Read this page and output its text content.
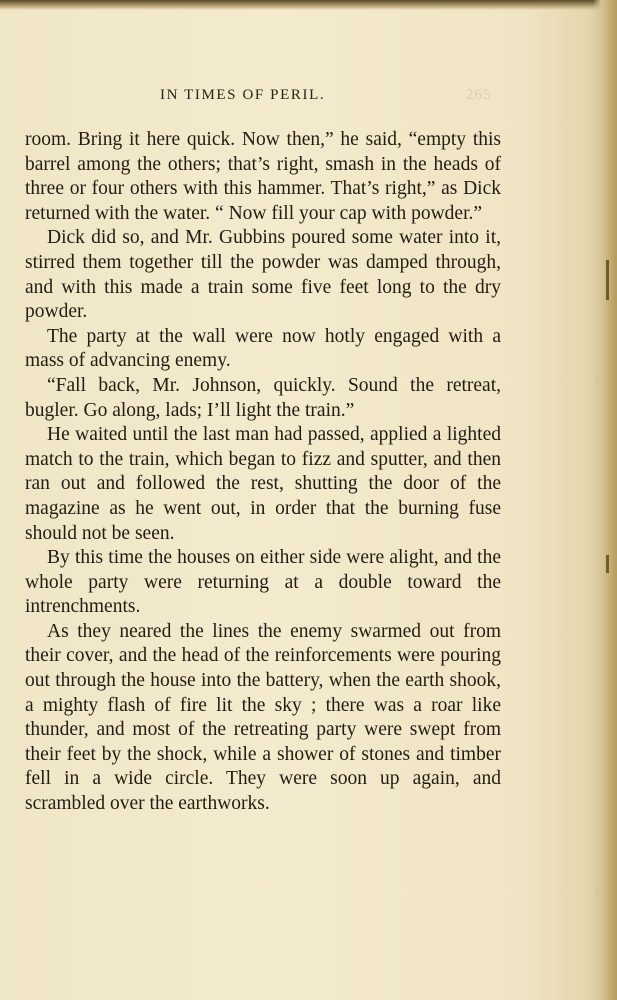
IN TIMES OF PERIL.	265

room. Bring it here quick. Now then,” he said, “empty this barrel among the others; that’s right, smash in the heads of three or four others with this hammer. That’s right,” as Dick returned with the water. “ Now fill your cap with powder.”

Dick did so, and Mr. Gubbins poured some water into it, stirred them together till the powder was damped through, and with this made a train some five feet long to the dry powder.

The party at the wall were now hotly engaged with a mass of advancing enemy.

“Fall back, Mr. Johnson, quickly. Sound the retreat, bugler. Go along, lads; I’ll light the train.”

He waited until the last man had passed, applied a lighted match to the train, which began to fizz and sputter, and then ran out and followed the rest, shutting the door of the magazine as he went out, in order that the burning fuse should not be seen.

By this time the houses on either side were alight, and the whole party were returning at a double toward the intrenchments.

As they neared the lines the enemy swarmed out from their cover, and the head of the reinforcements were pouring out through the house into the battery, when the earth shook, a mighty flash of fire lit the sky ; there was a roar like thunder, and most of the retreating party were swept from their feet by the shock, while a shower of stones and timber fell in a wide circle. They were soon up again, and scrambled over the earthworks.
